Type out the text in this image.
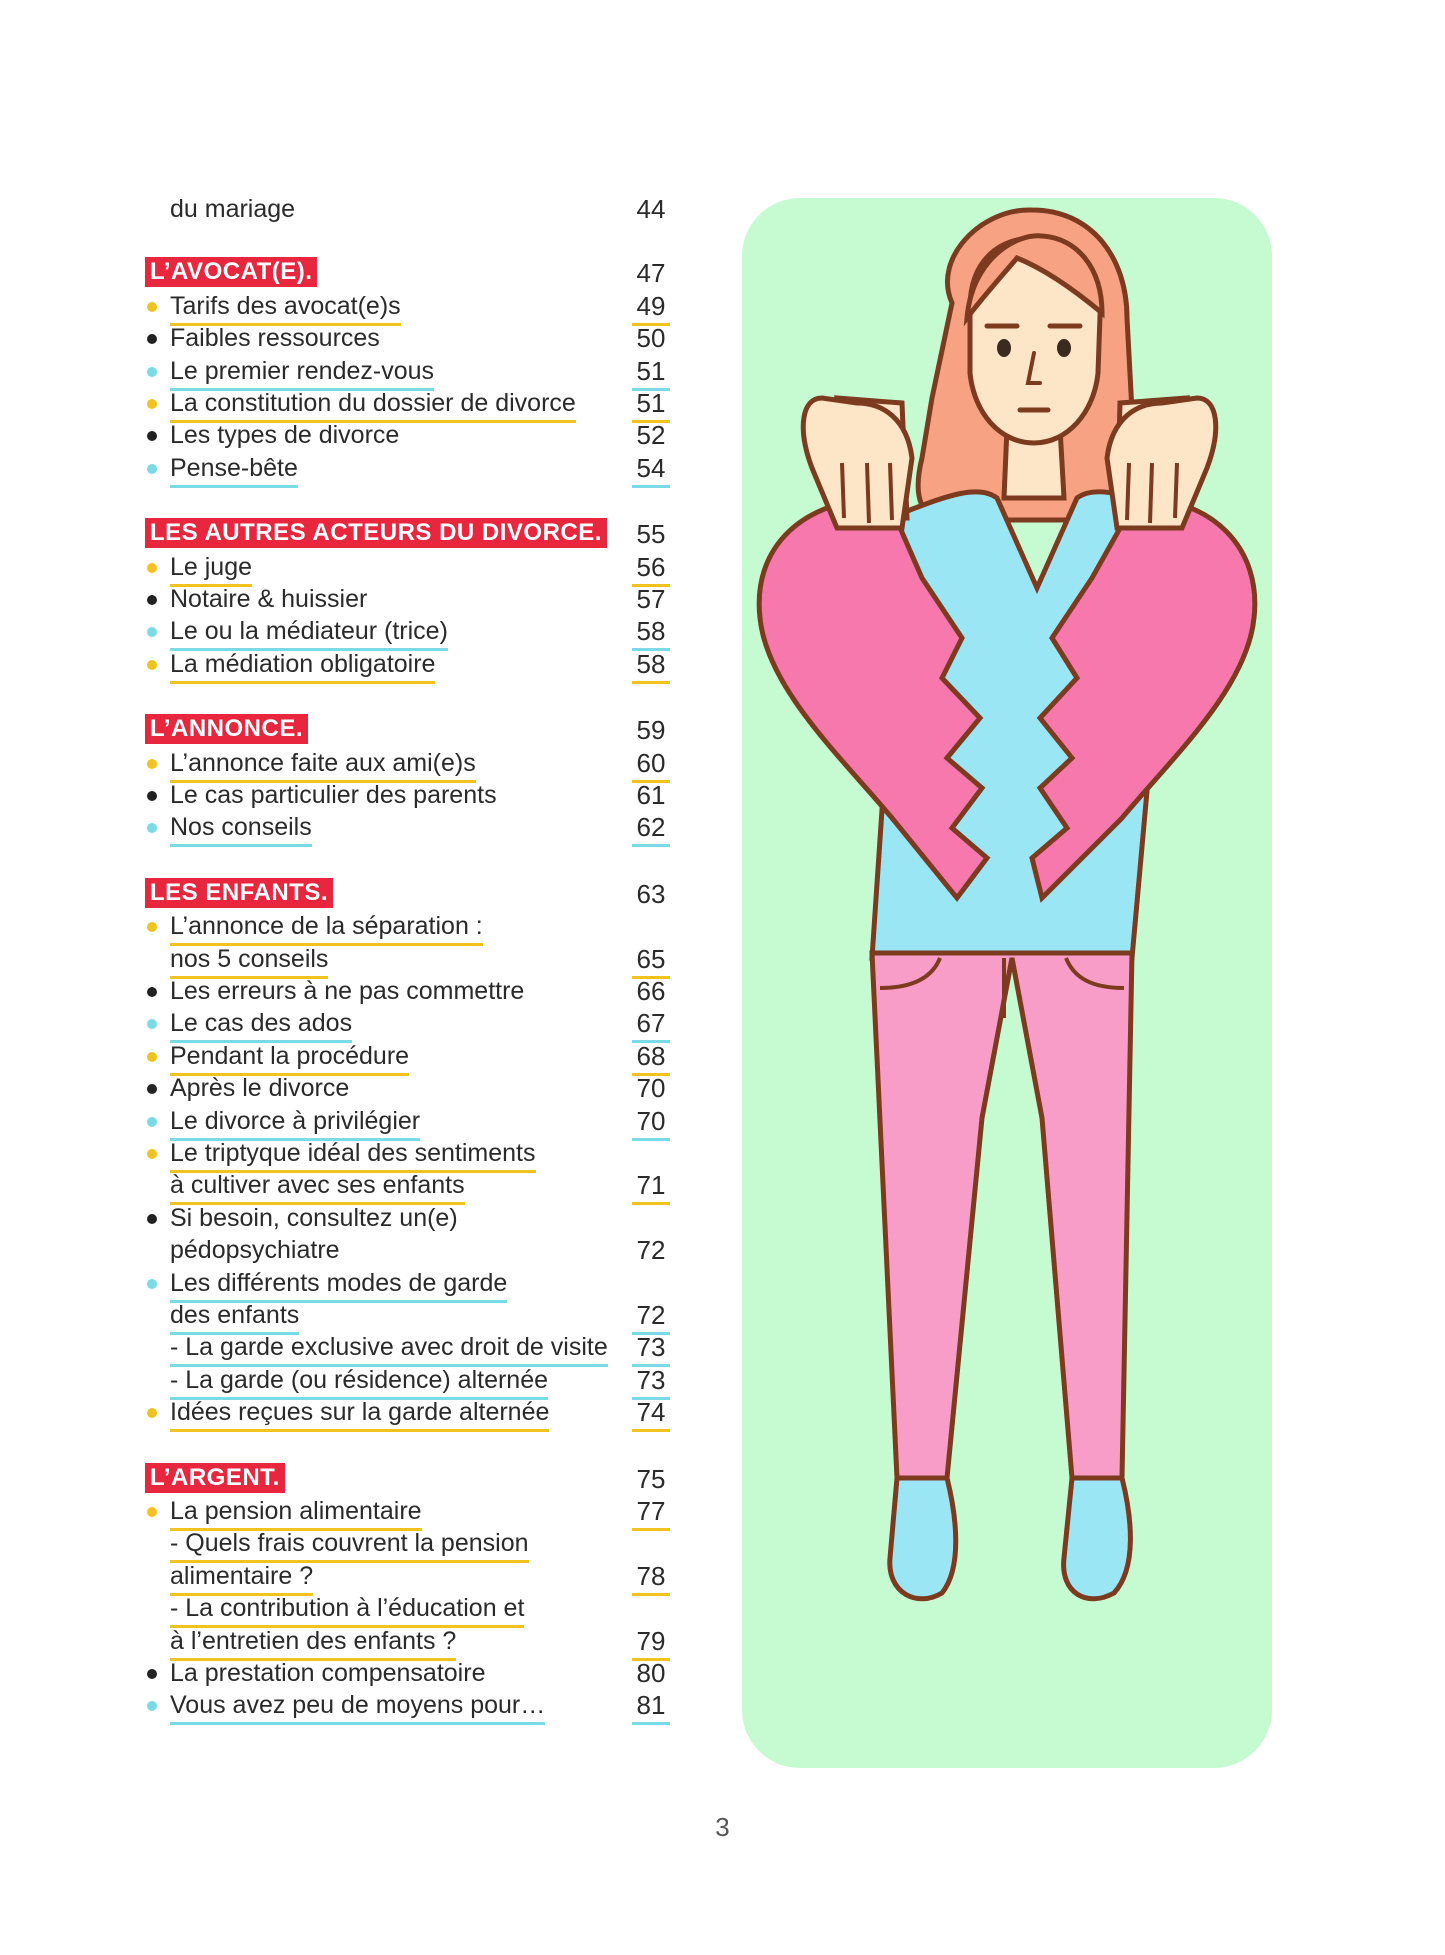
du mariage	44
L’AVOCAT(E).	47
Tarifs des avocat(e)s	49
Faibles ressources	50
Le premier rendez-vous	51
La constitution du dossier de divorce 51
Les types de divorce	52
Pense-bête	54
LES AUTRES ACTEURS DU DIVORCE. 55
Le juge	56
Notaire & huissier	57
Le ou la médiateur (trice)	58
La médiation obligatoire	58
L’ANNONCE.	59
L’annonce faite aux ami(e)s	60
Le cas particulier des parents	61
Nos conseils	62
LES ENFANTS.	63
L’annonce de la séparation :
nos 5 conseils	65
Les erreurs à ne pas commettre	66
Le cas des ados	67
Pendant la procédure	68
Après le divorce	70
Le divorce à privilégier	70
Le triptyque idéal des sentiments
à cultiver avec ses enfants	71
Si besoin, consultez un(e)
pédopsychiatre	72
Les différents modes de garde
des enfants	72
- La garde exclusive avec droit de visite 73
- La garde (ou résidence) alternée	73
Idées reçues sur la garde alternée	74
L’ARGENT.	75
La pension alimentaire	77
- Quels frais couvrent la pension
alimentaire ?	78
- La contribution à l’éducation et
à l’entretien des enfants ?	79
La prestation compensatoire	80
Vous avez peu de moyens pour…	81
3
